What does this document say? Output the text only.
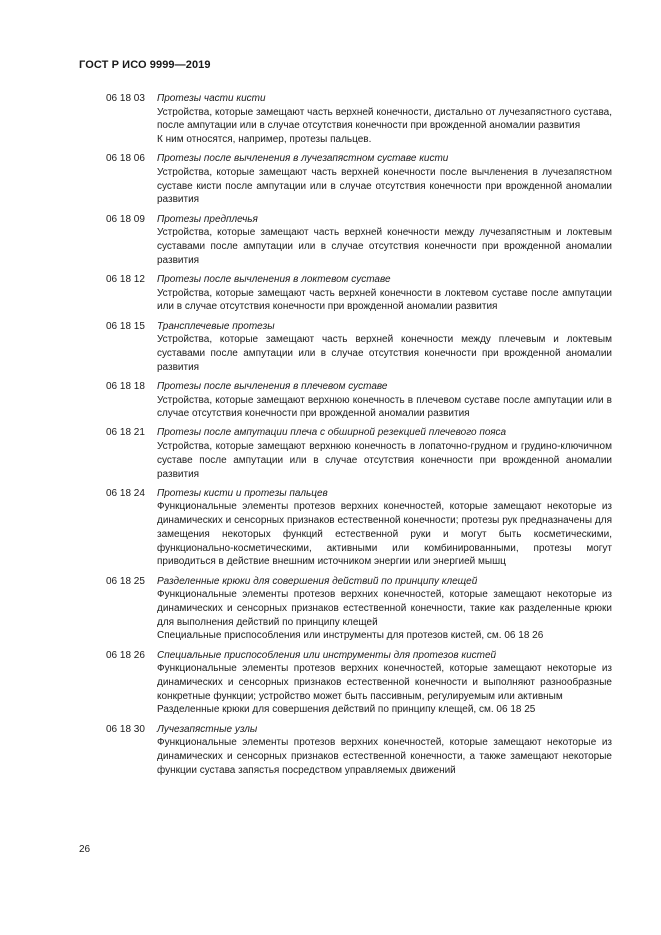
ГОСТ Р ИСО 9999—2019
06 18 03	Протезы части кисти
Устройства, которые замещают часть верхней конечности, дистально от лучезапястного сустава, после ампутации или в случае отсутствия конечности при врожденной аномалии развития
К ним относятся, например, протезы пальцев.
06 18 06	Протезы после вычленения в лучезапястном суставе кисти
Устройства, которые замещают часть верхней конечности после вычленения в лучезапястном суставе кисти после ампутации или в случае отсутствия конечности при врожденной аномалии развития
06 18 09	Протезы предплечья
Устройства, которые замещают часть верхней конечности между лучезапястным и локтевым суставами после ампутации или в случае отсутствия конечности при врожденной аномалии развития
06 18 12	Протезы после вычленения в локтевом суставе
Устройства, которые замещают часть верхней конечности в локтевом суставе после ампутации или в случае отсутствия конечности при врожденной аномалии развития
06 18 15	Трансплечевые протезы
Устройства, которые замещают часть верхней конечности между плечевым и локтевым суставами после ампутации или в случае отсутствия конечности при врожденной аномалии развития
06 18 18	Протезы после вычленения в плечевом суставе
Устройства, которые замещают верхнюю конечность в плечевом суставе после ампутации или в случае отсутствия конечности при врожденной аномалии развития
06 18 21	Протезы после ампутации плеча с обширной резекцией плечевого пояса
Устройства, которые замещают верхнюю конечность в лопаточно-грудном и грудино-ключичном суставе после ампутации или в случае отсутствия конечности при врожденной аномалии развития
06 18 24	Протезы кисти и протезы пальцев
Функциональные элементы протезов верхних конечностей, которые замещают некоторые из динамических и сенсорных признаков естественной конечности; протезы рук предназначены для замещения некоторых функций естественной руки и могут быть косметическими, функционально-косметическими, активными или комбинированными, протезы могут приводиться в действие внешним источником энергии или энергией мышц
06 18 25	Разделенные крюки для совершения действий по принципу клещей
Функциональные элементы протезов верхних конечностей, которые замещают некоторые из динамических и сенсорных признаков естественной конечности, такие как разделенные крюки для выполнения действий по принципу клещей
Специальные приспособления или инструменты для протезов кистей, см. 06 18 26
06 18 26	Специальные приспособления или инструменты для протезов кистей
Функциональные элементы протезов верхних конечностей, которые замещают некоторые из динамических и сенсорных признаков естественной конечности и выполняют разнообразные конкретные функции; устройство может быть пассивным, регулируемым или активным
Разделенные крюки для совершения действий по принципу клещей, см. 06 18 25
06 18 30	Лучезапястные узлы
Функциональные элементы протезов верхних конечностей, которые замещают некоторые из динамических и сенсорных признаков естественной конечности, а также замещают некоторые функции сустава запястья посредством управляемых движений
26
